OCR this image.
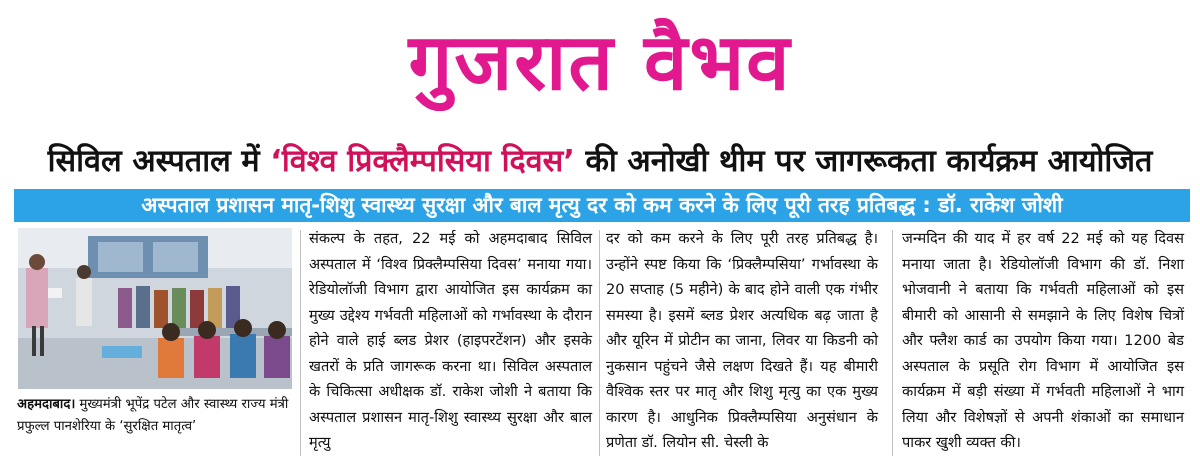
गुजरात वैभव
सिविल अस्पताल में ‘विश्व प्रिक्लैम्पसिया दिवस’ की अनोखी थीम पर जागरूकता कार्यक्रम आयोजित
अस्पताल प्रशासन मातृ-शिशु स्वास्थ्य सुरक्षा और बाल मृत्यु दर को कम करने के लिए पूरी तरह प्रतिबद्ध : डॉ. राकेश जोशी
अहमदाबाद। मुख्यमंत्री भूपेंद्र पटेल और स्वास्थ्य राज्य मंत्री प्रफुल्ल पानशेरिया के ‘सुरक्षित मातृत्व’
संकल्प के तहत, 22 मई को अहमदाबाद सिविल अस्पताल में ‘विश्व प्रिक्लैम्पसिया दिवस’ मनाया गया। रेडियोलॉजी विभाग द्वारा आयोजित इस कार्यक्रम का मुख्य उद्देश्य गर्भवती महिलाओं को गर्भावस्था के दौरान होने वाले हाई ब्लड प्रेशर (हाइपरटेंशन) और इसके खतरों के प्रति जागरूक करना था। सिविल अस्पताल के चिकित्सा अधीक्षक डॉ. राकेश जोशी ने बताया कि अस्पताल प्रशासन मातृ-शिशु स्वास्थ्य सुरक्षा और बाल मृत्यु
दर को कम करने के लिए पूरी तरह प्रतिबद्ध है। उन्होंने स्पष्ट किया कि ‘प्रिक्लैम्पसिया’ गर्भावस्था के 20 सप्ताह (5 महीने) के बाद होने वाली एक गंभीर समस्या है। इसमें ब्लड प्रेशर अत्यधिक बढ़ जाता है और यूरिन में प्रोटीन का जाना, लिवर या किडनी को नुकसान पहुंचने जैसे लक्षण दिखते हैं। यह बीमारी वैश्विक स्तर पर मातृ और शिशु मृत्यु का एक मुख्य कारण है। आधुनिक प्रिक्लैम्पसिया अनुसंधान के प्रणेता डॉ. लियोन सी. चेस्ली के
जन्मदिन की याद में हर वर्ष 22 मई को यह दिवस मनाया जाता है। रेडियोलॉजी विभाग की डॉ. निशा भोजवानी ने बताया कि गर्भवती महिलाओं को इस बीमारी को आसानी से समझाने के लिए विशेष चित्रों और फ्लैश कार्ड का उपयोग किया गया। 1200 बेड अस्पताल के प्रसूति रोग विभाग में आयोजित इस कार्यक्रम में बड़ी संख्या में गर्भवती महिलाओं ने भाग लिया और विशेषज्ञों से अपनी शंकाओं का समाधान पाकर खुशी व्यक्त की।
